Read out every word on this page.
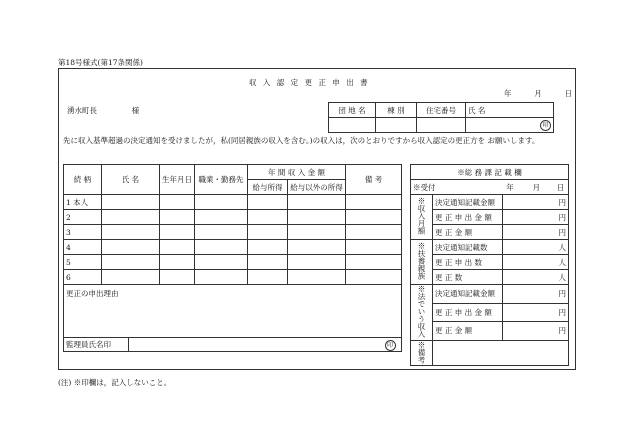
第18号様式(第17条関係)
収 入 認 定 更 正 申 出 書
年	月	日
湧水町長	様	団 地 名	棟 別	住宅番号	氏 名
			印
先に収入基準超過の決定通知を受けましたが，私(同居親族の収入を含む。)の収入は，次のとおりですから収入認定の更正方を お願いします。
続 柄	氏 名	生年月日	職業・勤務先	年 間 収 入 金 額		備 考
				給与所得	給与以外の所得	
1 本人						
2						
3						
4						
5						
6						
更正の申出理由						
監理員氏名印 印						
※総 務 課 記 載 欄		
※受付 年 月 日		
※収入月額	決定通知記載金額	円
	更 正 申 出 金 額	円
	更 正 金 額	円
※扶養親族	決定通知記載数	人
	更 正 申 出 数	人
	更 正 数	人
※法でいう収入	決定通知記載金額	円
	更 正 申 出 金 額	円
	更 正 金 額	円
※備考		
(注) ※印欄は，記入しないこと。
